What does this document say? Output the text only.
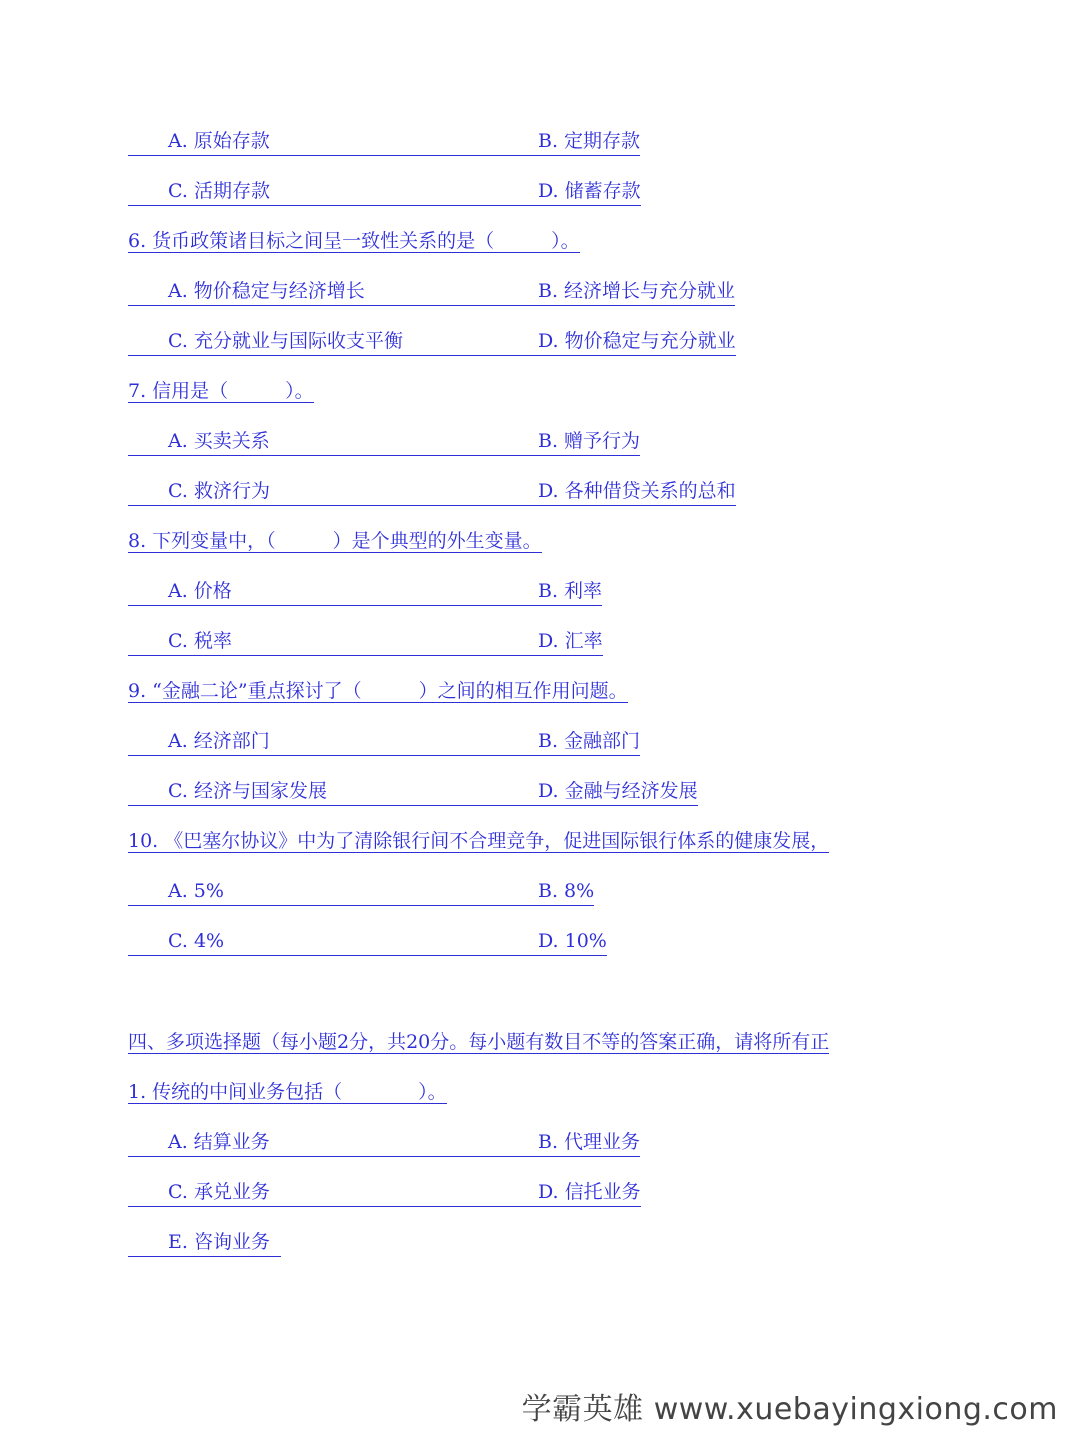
A. 原始存款	B. 定期存款
C. 活期存款	D. 储蓄存款
6. 货币政策诸目标之间呈一致性关系的是（　　　）。
A. 物价稳定与经济增长	B. 经济增长与充分就业
C. 充分就业与国际收支平衡	D. 物价稳定与充分就业
7. 信用是（　　　）。
A. 买卖关系	B. 赠予行为
C. 救济行为	D. 各种借贷关系的总和
8. 下列变量中，（　　　）是个典型的外生变量。
A. 价格	B. 利率
C. 税率	D. 汇率
9. “金融二论”重点探讨了（　　　）之间的相互作用问题。
A. 经济部门	B. 金融部门
C. 经济与国家发展	D. 金融与经济发展
10. 《巴塞尔协议》中为了清除银行间不合理竞争，促进国际银行体系的健康发展，
A. 5%	B. 8%
C. 4%	D. 10%
四、多项选择题（每小题2分，共20分。每小题有数目不等的答案正确，请将所有正
1. 传统的中间业务包括（　　　　）。
A. 结算业务	B. 代理业务
C. 承兑业务	D. 信托业务
E. 咨询业务
学霸英雄 www.xuebayingxiong.com
